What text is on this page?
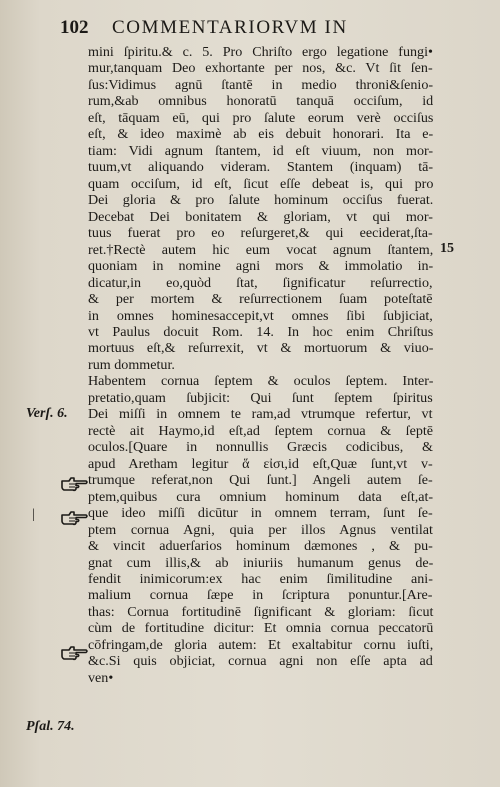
102 COMMENTARIORVM IN
Verſ. 6.
Pſal. 74.
15
|
mini ſpiritu.& c. 5. Pro Chriſto ergo legatione fungi•
mur,tanquam Deo exhortante per nos, &c. Vt ſit ſen-
ſus:Vidimus agnū ſtantē in medio throni&ſenio-
rum,&ab omnibus honoratū tanquā occiſum, id
eſt, tāquam eū, qui pro ſalute eorum verè occiſus
eſt, & ideo maximè ab eis debuit honorari. Ita e-
tiam: Vidi agnum ſtantem, id eſt viuum, non mor-
tuum,vt aliquando videram. Stantem (inquam) tā-
quam occiſum, id eſt, ſicut eſſe debeat is, qui pro
Dei gloria & pro ſalute hominum occiſus fuerat.
Decebat Dei bonitatem & gloriam, vt qui mor-
tuus fuerat pro eo reſurgeret,& qui eeciderat,ſta-
ret.†Rectè autem hic eum vocat agnum ſtantem,
quoniam in nomine agni mors & immolatio in-
dicatur,in eo,quòd ſtat, ſignificatur reſurrectio,
& per mortem & reſurrectionem ſuam poteſtatē
in omnes hominesaccepit,vt omnes ſibi ſubjiciat,
vt Paulus docuit Rom. 14. In hoc enim Chriſtus
mortuus eſt,& reſurrexit, vt & mortuorum & viuo-
rum dommetur.
Habentem cornua ſeptem & oculos ſeptem. Inter-
pretatio,quam ſubjicit: Qui ſunt ſeptem ſpiritus
Dei miſſi in omnem te ram,ad vtrumque refertur, vt
rectè ait Haymo,id eſt,ad ſeptem cornua & ſeptē
oculos.[Quare in nonnullis Græcis codicibus, &
apud Aretham legitur ἅ εἰσι,id eſt,Quæ ſunt,vt v-
trumque referat,non Qui ſunt.] Angeli autem ſe-
ptem,quibus cura omnium hominum data eſt,at-
que ideo miſſi dicūtur in omnem terram, ſunt ſe-
ptem cornua Agni, quia per illos Agnus ventilat
& vincit aduerſarios hominum dæmones , & pu-
gnat cum illis,& ab iniuriis humanum genus de-
fendit inimicorum:ex hac enim ſimilitudine ani-
malium cornua ſæpe in ſcriptura ponuntur.[Are-
thas: Cornua fortitudinē ſignificant & gloriam: ſicut
cùm de fortitudine dicitur: Et omnia cornua peccatorū
cōfringam,de gloria autem: Et exaltabitur cornu iuſti,
&c.Si quis objiciat, cornua agni non eſſe apta ad
ven•
